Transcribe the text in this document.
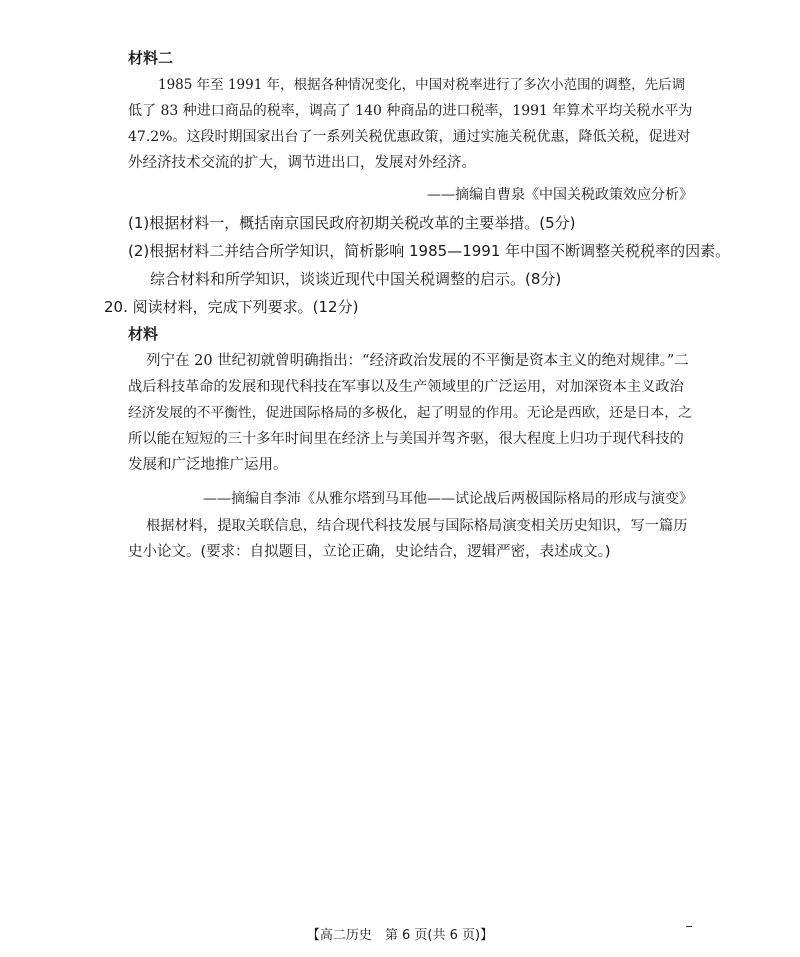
材料二
1985 年至 1991 年，根据各种情况变化，中国对税率进行了多次小范围的调整，先后调
低了 83 种进口商品的税率，调高了 140 种商品的进口税率，1991 年算术平均关税水平为
47.2%。这段时期国家出台了一系列关税优惠政策，通过实施关税优惠，降低关税，促进对
外经济技术交流的扩大，调节进出口，发展对外经济。
——摘编自曹泉《中国关税政策效应分析》
(1)根据材料一，概括南京国民政府初期关税改革的主要举措。(5分)
(2)根据材料二并结合所学知识，简析影响 1985—1991 年中国不断调整关税税率的因素。
综合材料和所学知识，谈谈近现代中国关税调整的启示。(8分)
20. 阅读材料，完成下列要求。(12分)
材料
列宁在 20 世纪初就曾明确指出：“经济政治发展的不平衡是资本主义的绝对规律。”二
战后科技革命的发展和现代科技在军事以及生产领域里的广泛运用，对加深资本主义政治
经济发展的不平衡性，促进国际格局的多极化，起了明显的作用。无论是西欧，还是日本，之
所以能在短短的三十多年时间里在经济上与美国并驾齐驱，很大程度上归功于现代科技的
发展和广泛地推广运用。
——摘编自李沛《从雅尔塔到马耳他——试论战后两极国际格局的形成与演变》
根据材料，提取关联信息，结合现代科技发展与国际格局演变相关历史知识，写一篇历
史小论文。(要求：自拟题目，立论正确，史论结合，逻辑严密，表述成文。)
【高二历史　第 6 页(共 6 页)】
